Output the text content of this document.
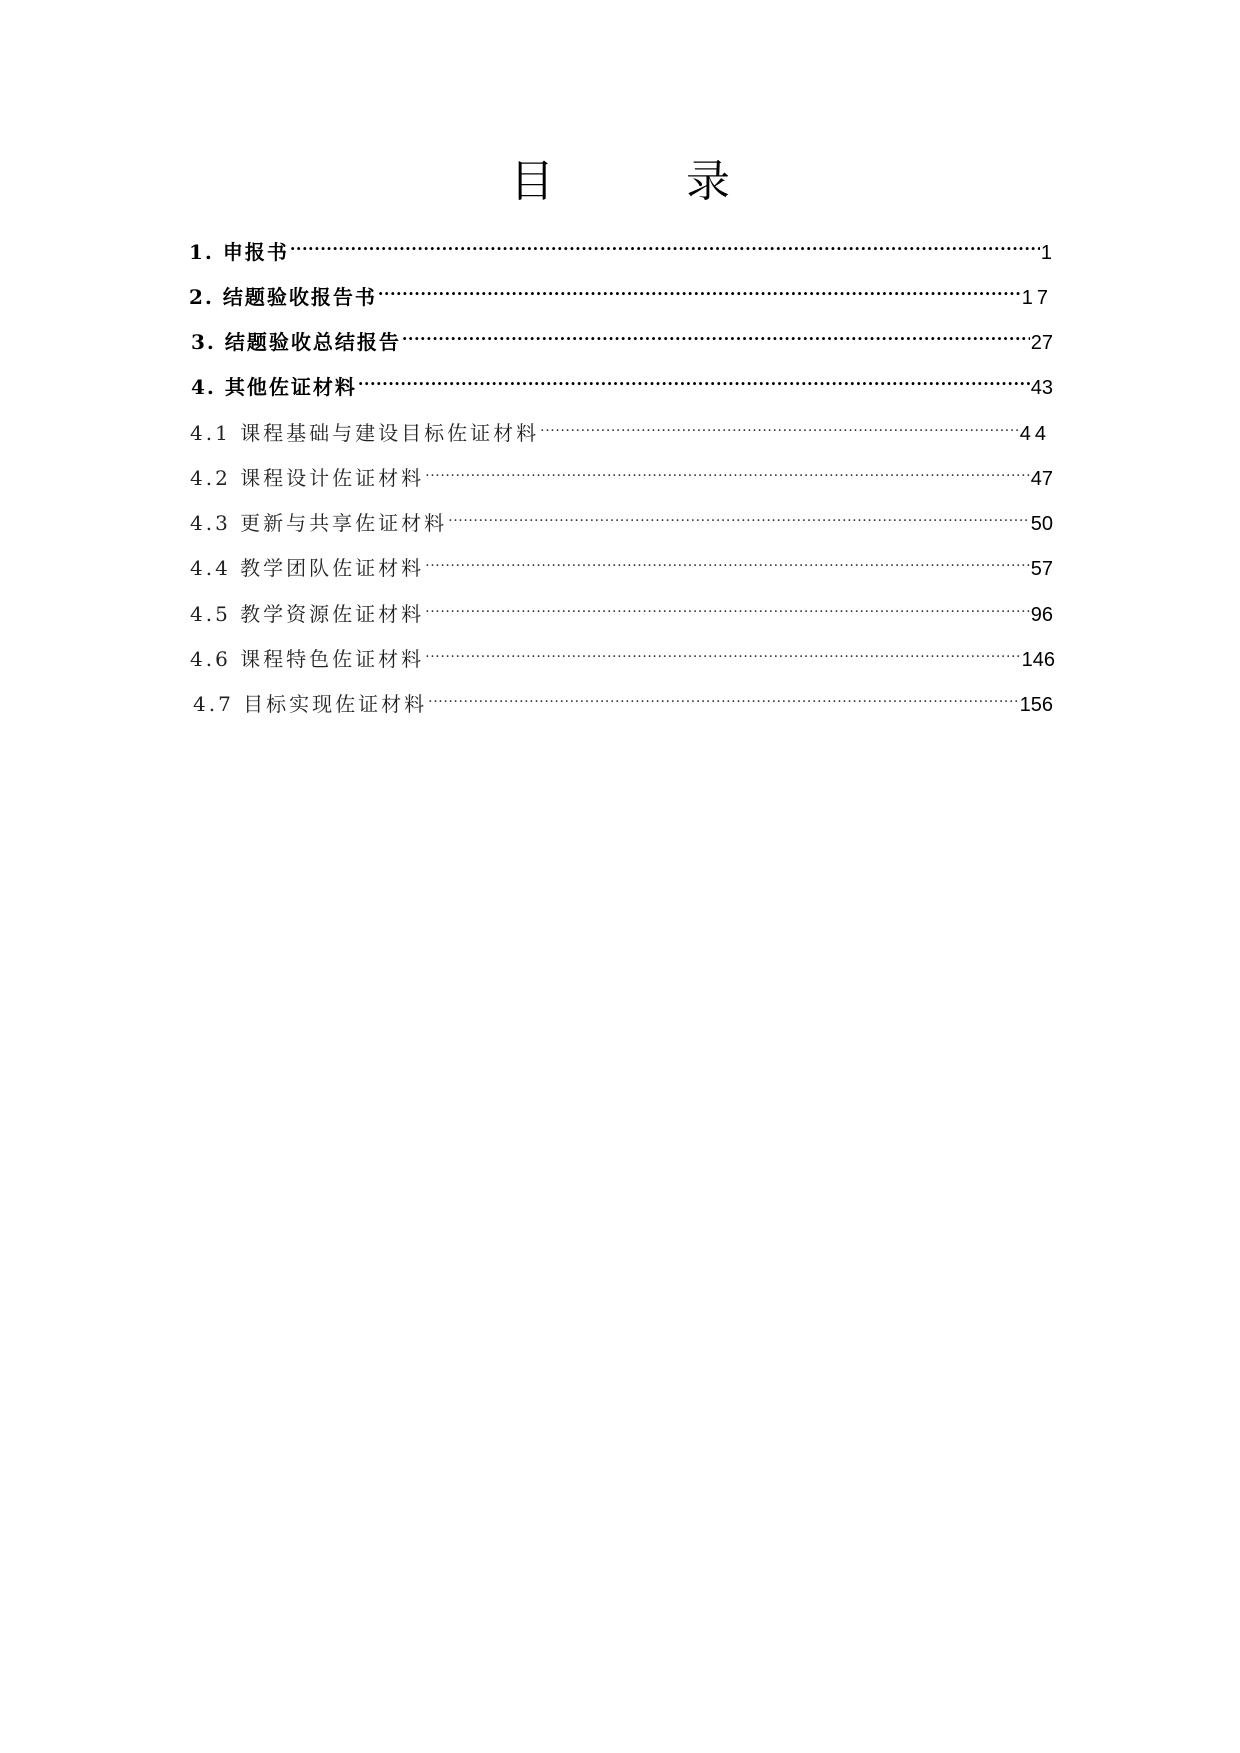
目　录
1. 申报书 .....	1
2. 结题验收报告书 .....	17
3. 结题验收总结报告 .....	27
4. 其他佐证材料 .....	43
4.1 课程基础与建设目标佐证材料 .....	44
4.2 课程设计佐证材料 .....	47
4.3 更新与共享佐证材料 .....	50
4.4 教学团队佐证材料 .....	57
4.5 教学资源佐证材料 .....	96
4.6 课程特色佐证材料 .....	146
4.7 目标实现佐证材料 .....	156
